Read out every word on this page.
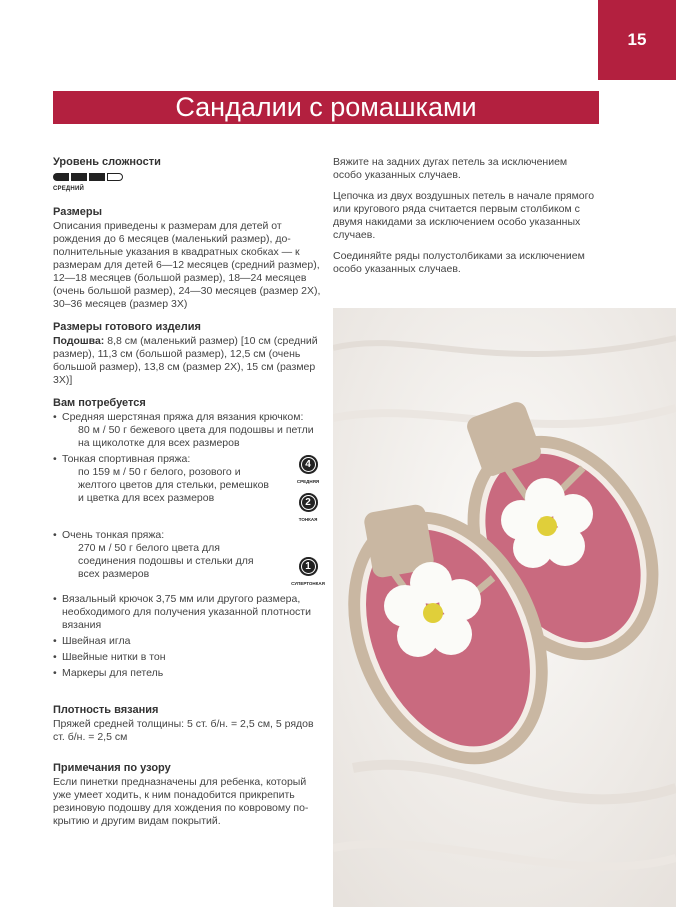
15
Сандалии с ромашками
Уровень сложности
СРЕДНИЙ
Размеры

Описания приведены к размерам для детей от рождения до 6 месяцев (маленький размер), до-полнительные указания в квадратных скобках — к размерам для детей 6—12 месяцев (средний размер), 12—18 месяцев (большой размер), 18—24 месяцев (очень большой размер), 24—30 месяцев (размер 2Х), 30–36 месяцев (размер 3Х)

Размеры готового изделия

Подошва: 8,8 см (маленький размер) [10 см (средний размер), 11,3 см (большой размер), 12,5 см (очень большой размер), 13,8 см (размер 2Х), 15 см (размер 3Х)]

Вам потребуется
• Средняя шерстяная пряжа для вязания крючком:
80 м / 50 г бежевого цвета для подошвы и петли на щиколотке для всех размеров
• Тонкая спортивная пряжа:
по 159 м / 50 г белого, розового и желтого цветов для стельки, ремешков и цветка для всех размеров
4
СРЕДНЯЯ
2
ТОНКАЯ
• Очень тонкая пряжа:
270 м / 50 г белого цвета для соединения подошвы и стельки для всех размеров
1
СУПЕРТОНКАЯ
• Вязальный крючок 3,75 мм или другого размера, необходимого для получения указанной плотности вязания
• Швейная игла
• Швейные нитки в тон
• Маркеры для петель
Плотность вязания

Пряжей средней толщины: 5 ст. б/н. = 2,5 см, 5 рядов ст. б/н. = 2,5 см

Примечания по узору

Если пинетки предназначены для ребенка, который уже умеет ходить, к ним понадобится прикрепить резиновую подошву для хождения по ковровому по-крытию и другим видам покрытий.

Вяжите на задних дугах петель за исключением особо указанных случаев.

Цепочка из двух воздушных петель в начале прямого или кругового ряда считается первым столбиком с двумя накидами за исключением особо указанных случаев.

Соединяйте ряды полустолбиками за исключением особо указанных случаев.
